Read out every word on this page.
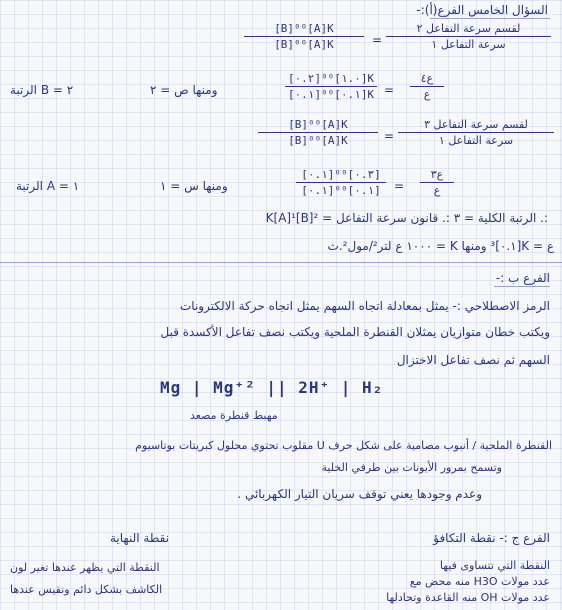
السؤال الخامس الفرع(أ):-
[B]⁰⁰[A]K
[B]⁰⁰[A]K	=
لقسم سرعة التفاعل ٢
سرعة التفاعل ١
٢ = B الرتبة	ومنها ص = ٢
[٠.٢]⁰⁰[١.٠]K
[٠.١]⁰⁰[٠.١]K =
ع٤
ع
[B]⁰⁰[A]K
[B]⁰⁰[A]K	=
لقسم سرعة التفاعل ٣
سرعة التفاعل ١
١ = A الرتبة	ومنها س = ١
[٠.١]⁰⁰[٠.٣]
[٠.١]⁰⁰[٠.١] =
ع٣
ع
:. الرتبة الكلية = ٣ :. قانون سرعة التفاعل = K[A]¹[B]²
ع = K[٠.١]³ ومنها K = ١٠٠٠ ع لتر²/مول².ث
الفرع ب :-
الرمز الاصطلاحي :- يمثل بمعادلة اتجاه السهم يمثل اتجاه حركة الالكترونات
ويكتب خطان متوازيان يمثلان القنطرة الملحية ويكتب نصف تفاعل الأكسدة قبل
السهم ثم نصف تفاعل الاختزال
Mg | Mg⁺² || 2H⁺ | H₂
مهبط قنطرة مصعد
القنطرة الملحية / أنبوب مصامية على شكل حرف U مقلوب تحتوي محلول كبريتات بوتاسيوم
وتسمح بمرور الأيونات بين طرفي الخلية
وعدم وجودها يعني توقف سريان التيار الكهربائي .
الفرع ج :- نقطة التكافؤ
نقطة النهاية
النقطة التي تتساوى فيها
عدد مولات H3O منه محض مع
عدد مولات OH منه القاعدة وتحادلها
النقطة التي يظهر عندها تغير لون
الكاشف بشكل دائم ونقيس عندها
